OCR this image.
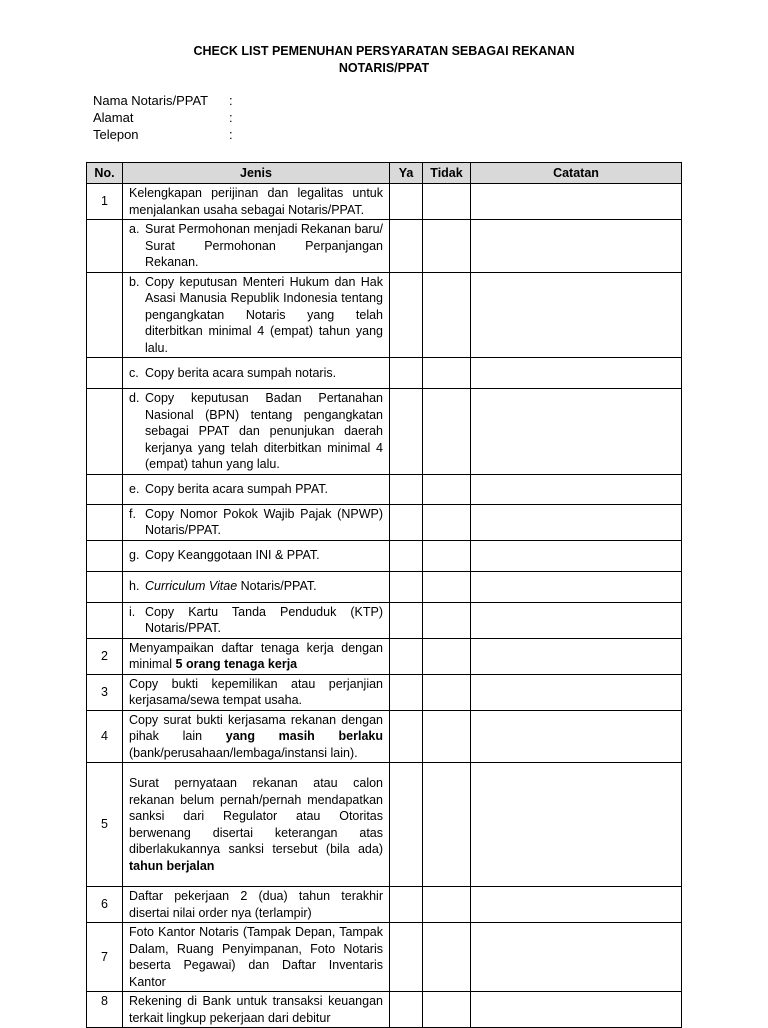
CHECK LIST PEMENUHAN PERSYARATAN SEBAGAI REKANAN
NOTARIS/PPAT
Nama Notaris/PPAT :
Alamat	:
Telepon	:
No.	Jenis	Ya	Tidak	Catatan
1	Kelengkapan perijinan dan legalitas untuk menjalankan usaha sebagai Notaris/PPAT.			

	a. Surat Permohonan menjadi Rekanan baru/ Surat Permohonan Perpanjangan Rekanan.			

	b. Copy keputusan Menteri Hukum dan Hak Asasi Manusia Republik Indonesia tentang pengangkatan Notaris yang telah diterbitkan minimal 4 (empat) tahun yang lalu.			

	c. Copy berita acara sumpah notaris.			

	d. Copy keputusan Badan Pertanahan Nasional (BPN) tentang pengangkatan sebagai PPAT dan penunjukan daerah kerjanya yang telah diterbitkan minimal 4 (empat) tahun yang lalu.			

	e. Copy berita acara sumpah PPAT.			

	f. Copy Nomor Pokok Wajib Pajak (NPWP) Notaris/PPAT.			

	g. Copy Keanggotaan INI & PPAT.			

	h. Curriculum Vitae Notaris/PPAT.			

	i. Copy Kartu Tanda Penduduk (KTP) Notaris/PPAT.			

2	Menyampaikan daftar tenaga kerja dengan minimal 5 orang tenaga kerja			
3	Copy bukti kepemilikan atau perjanjian kerjasama/sewa tempat usaha.			
4	Copy surat bukti kerjasama rekanan dengan pihak lain yang masih berlaku (bank/perusahaan/lembaga/instansi lain).			
5	Surat pernyataan rekanan atau calon rekanan belum pernah/pernah mendapatkan sanksi dari Regulator atau Otoritas berwenang disertai keterangan atas diberlakukannya sanksi tersebut (bila ada) tahun berjalan			
6	Daftar pekerjaan 2 (dua) tahun terakhir disertai nilai order nya (terlampir)			
7	Foto Kantor Notaris (Tampak Depan, Tampak Dalam, Ruang Penyimpanan, Foto Notaris beserta Pegawai) dan Daftar Inventaris Kantor			
8	Rekening di Bank untuk transaksi keuangan terkait lingkup pekerjaan dari debitur			
